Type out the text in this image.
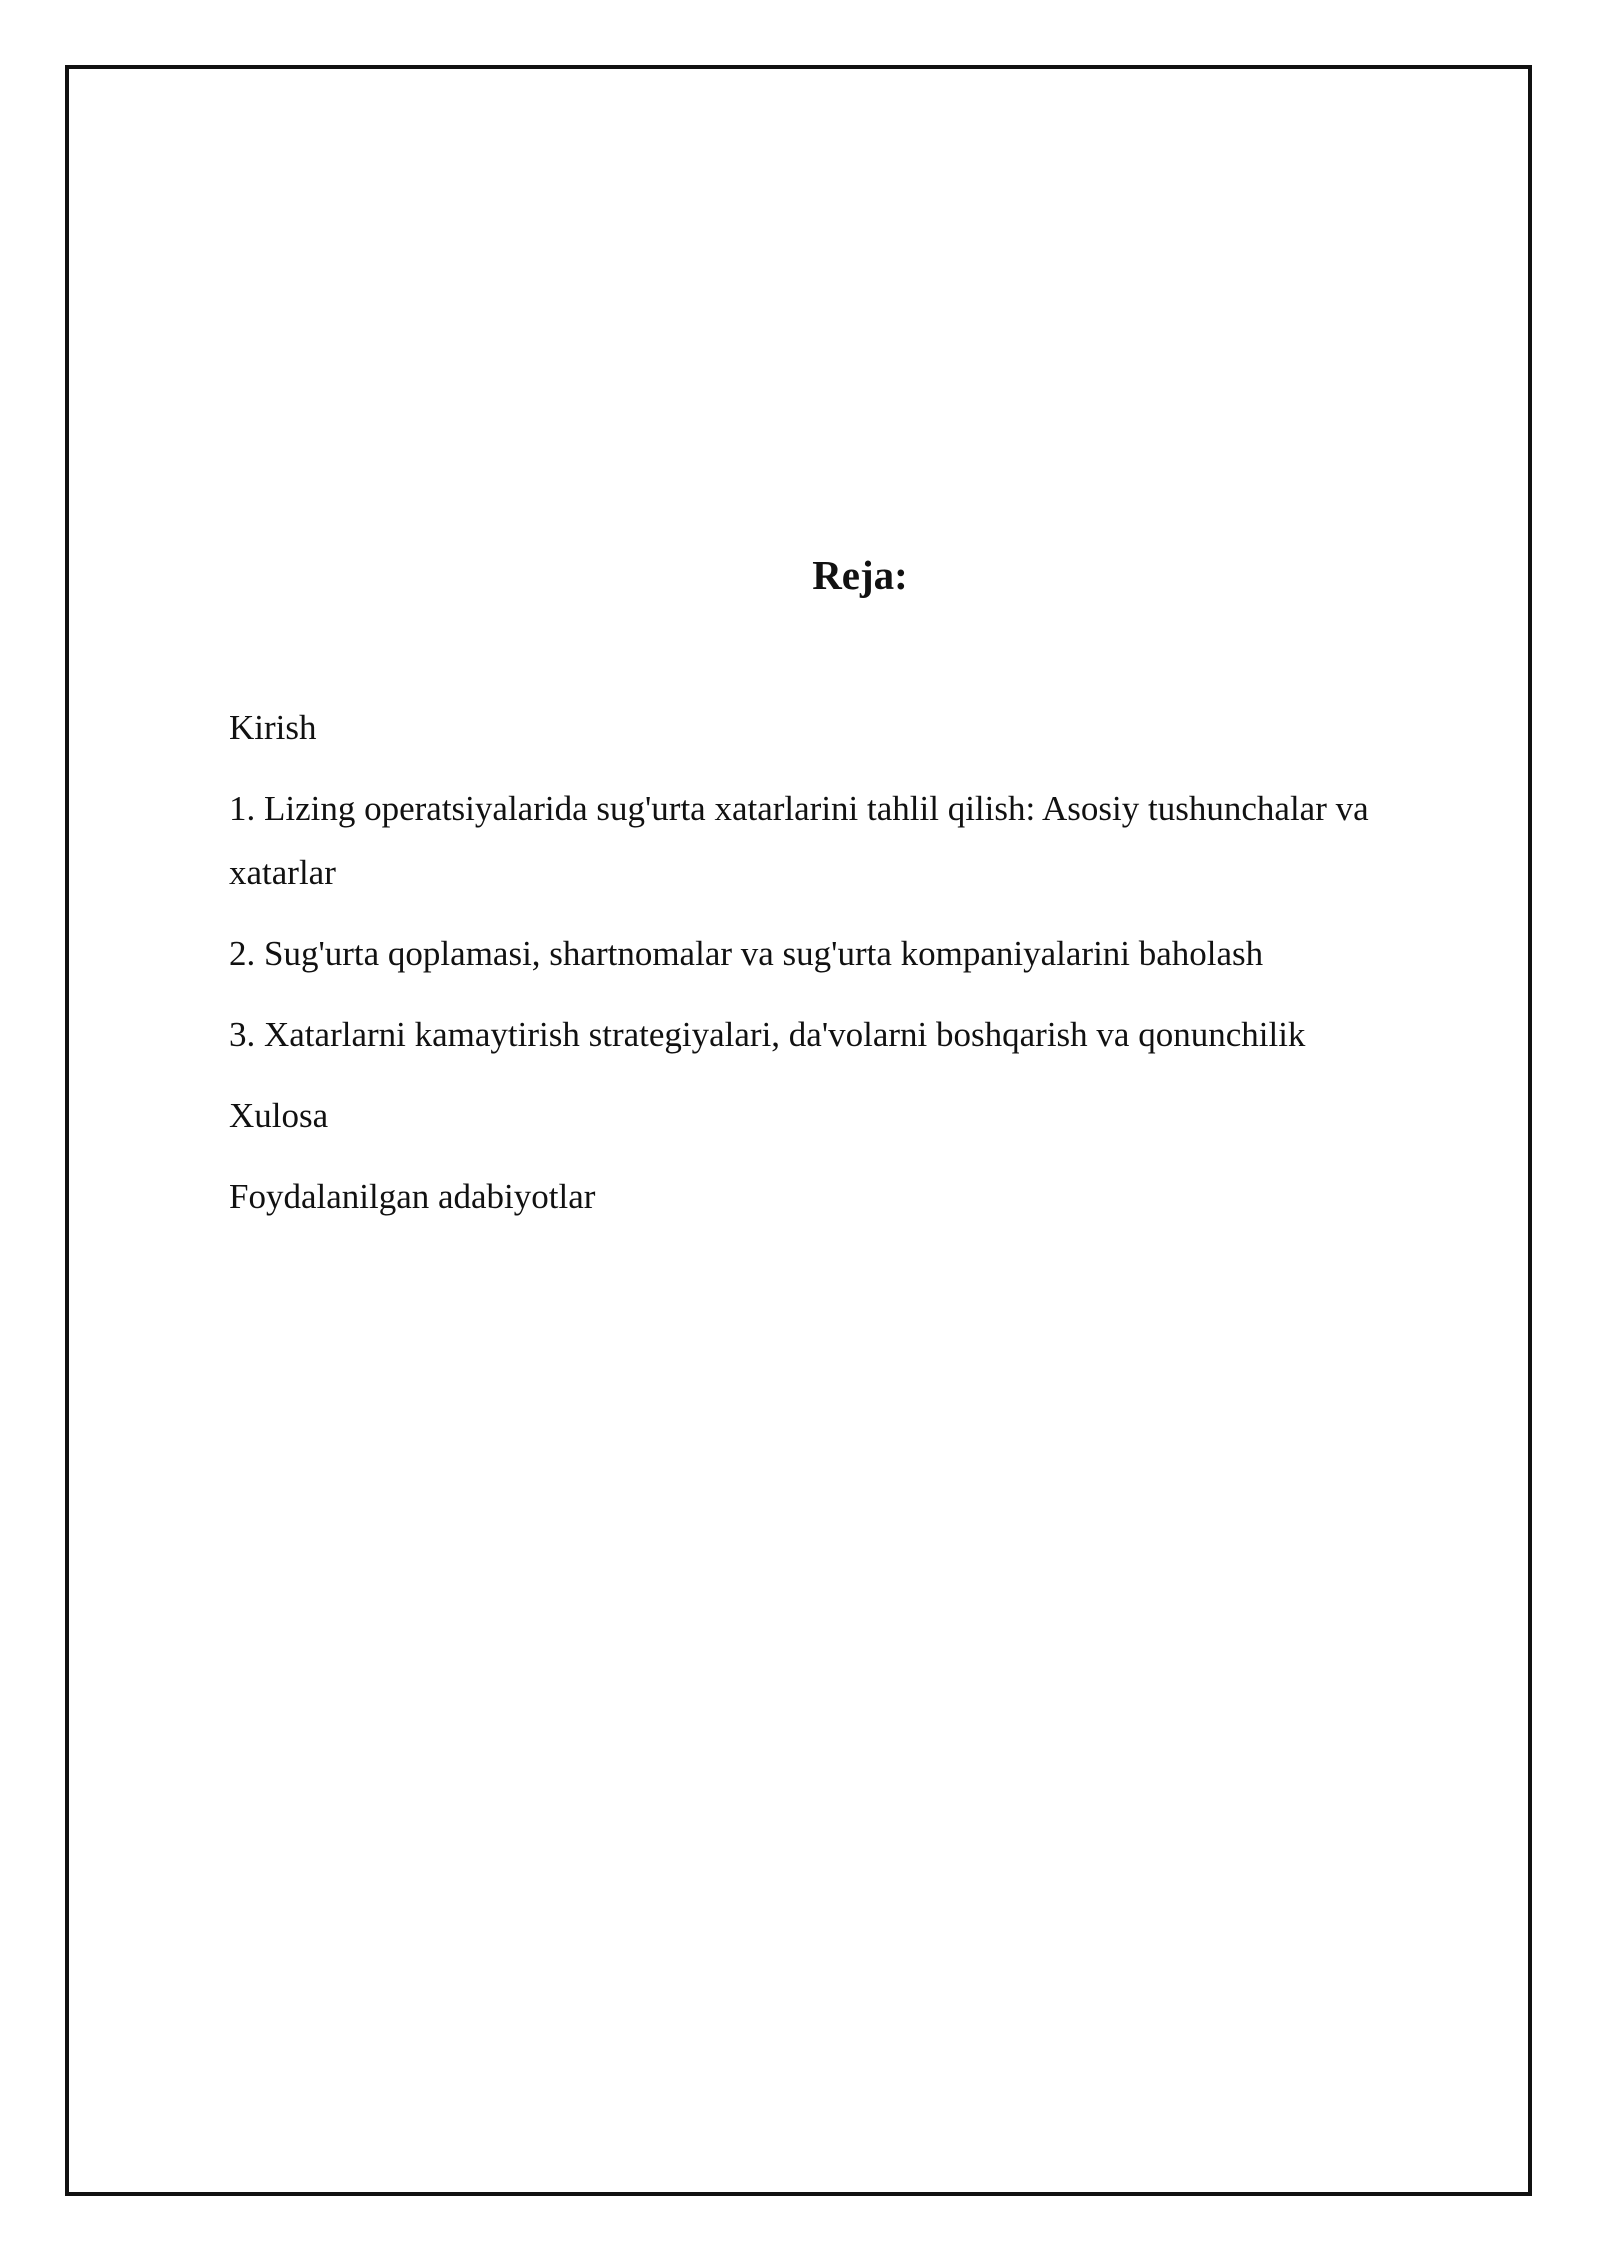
Reja:
Kirish
1. Lizing operatsiyalarida sug'urta xatarlarini tahlil qilish: Asosiy tushunchalar va xatarlar
2. Sug'urta qoplamasi, shartnomalar va sug'urta kompaniyalarini baholash
3. Xatarlarni kamaytirish strategiyalari, da'volarni boshqarish va qonunchilik
Xulosa
Foydalanilgan adabiyotlar
